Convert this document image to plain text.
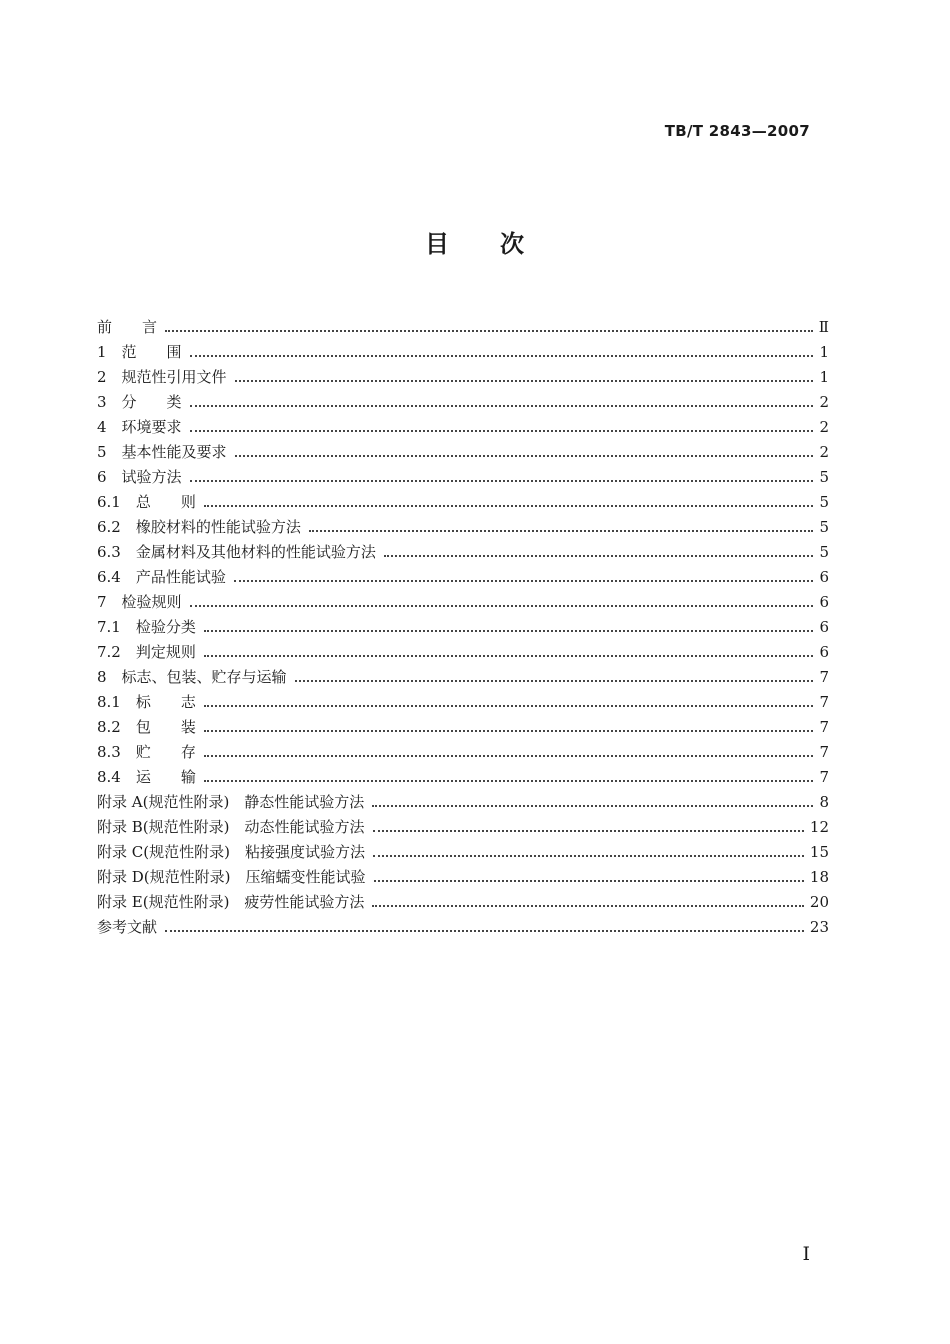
TB/T 2843—2007
目 次
前　　言	Ⅱ
1　范　　围	1
2　规范性引用文件	1
3　分　　类	2
4　环境要求	2
5　基本性能及要求	2
6　试验方法	5
6.1　总　　则	5
6.2　橡胶材料的性能试验方法	5
6.3　金属材料及其他材料的性能试验方法	5
6.4　产品性能试验	6
7　检验规则	6
7.1　检验分类	6
7.2　判定规则	6
8　标志、包装、贮存与运输	7
8.1　标　　志	7
8.2　包　　装	7
8.3　贮　　存	7
8.4　运　　输	7
附录 A(规范性附录)　静态性能试验方法	8
附录 B(规范性附录)　动态性能试验方法	12
附录 C(规范性附录)　粘接强度试验方法	15
附录 D(规范性附录)　压缩蠕变性能试验	18
附录 E(规范性附录)　疲劳性能试验方法	20
参考文献	23
I
